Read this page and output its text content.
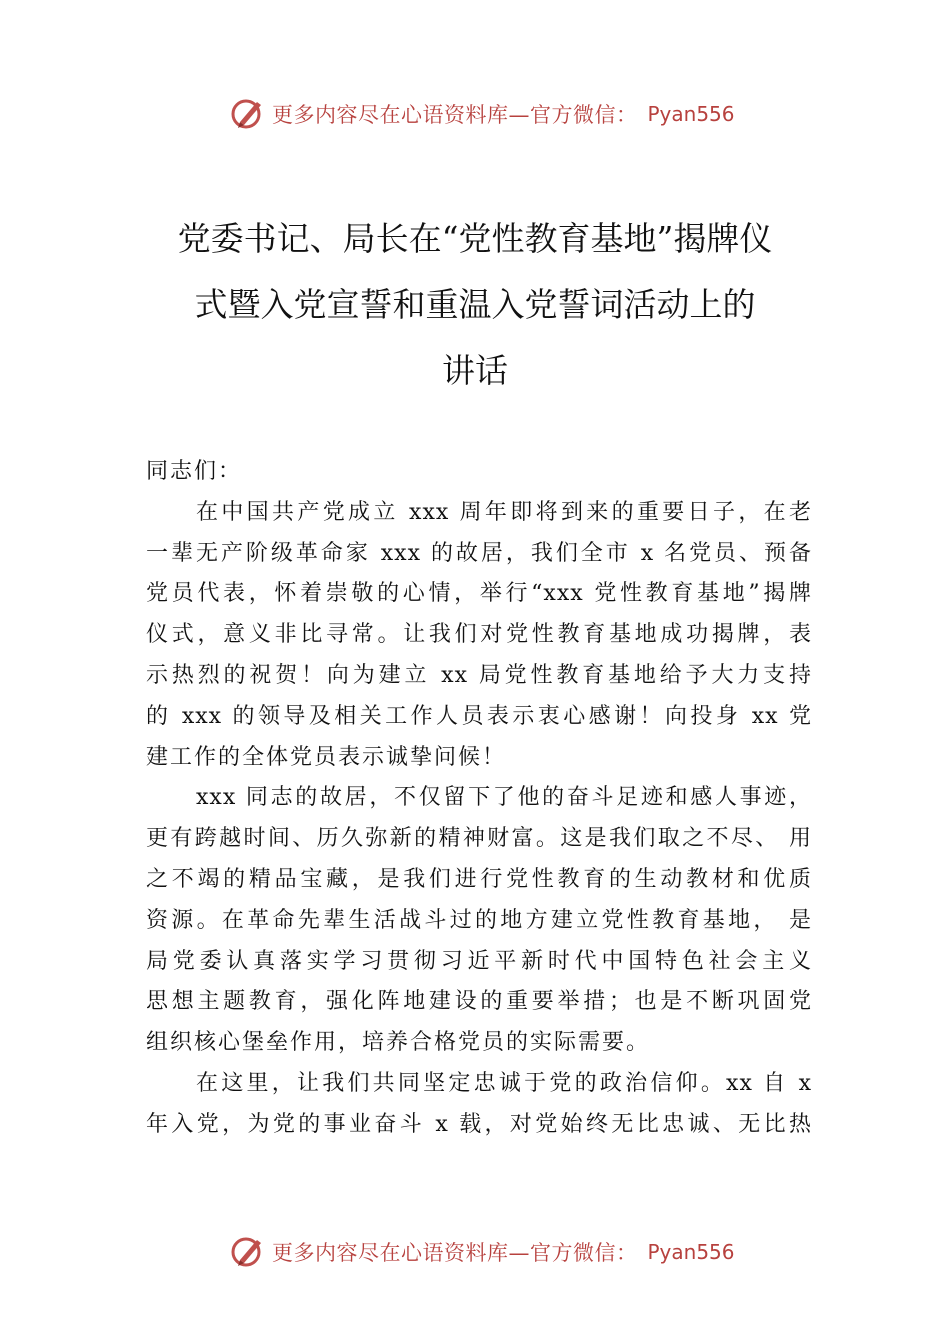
更多内容尽在心语资料库—官方微信： Pyan556
党委书记、局长在“党性教育基地”揭牌仪
式暨入党宣誓和重温入党誓词活动上的
讲话
同志们：
在中国共产党成立 xxx 周年即将到来的重要日子，在老
一辈无产阶级革命家 xxx 的故居，我们全市 x 名党员、预备
党员代表，怀着崇敬的心情，举行“xxx 党性教育基地”揭牌
仪式，意义非比寻常。让我们对党性教育基地成功揭牌，表
示热烈的祝贺！向为建立 xx 局党性教育基地给予大力支持
的 xxx 的领导及相关工作人员表示衷心感谢！向投身 xx 党
建工作的全体党员表示诚挚问候！
xxx 同志的故居，不仅留下了他的奋斗足迹和感人事迹，
更有跨越时间、历久弥新的精神财富。这是我们取之不尽、 用
之不竭的精品宝藏，是我们进行党性教育的生动教材和优质
资源。在革命先辈生活战斗过的地方建立党性教育基地， 是
局党委认真落实学习贯彻习近平新时代中国特色社会主义
思想主题教育，强化阵地建设的重要举措；也是不断巩固党
组织核心堡垒作用，培养合格党员的实际需要。
在这里，让我们共同坚定忠诚于党的政治信仰。xx 自 x
年入党，为党的事业奋斗 x 载，对党始终无比忠诚、无比热
更多内容尽在心语资料库—官方微信： Pyan556
